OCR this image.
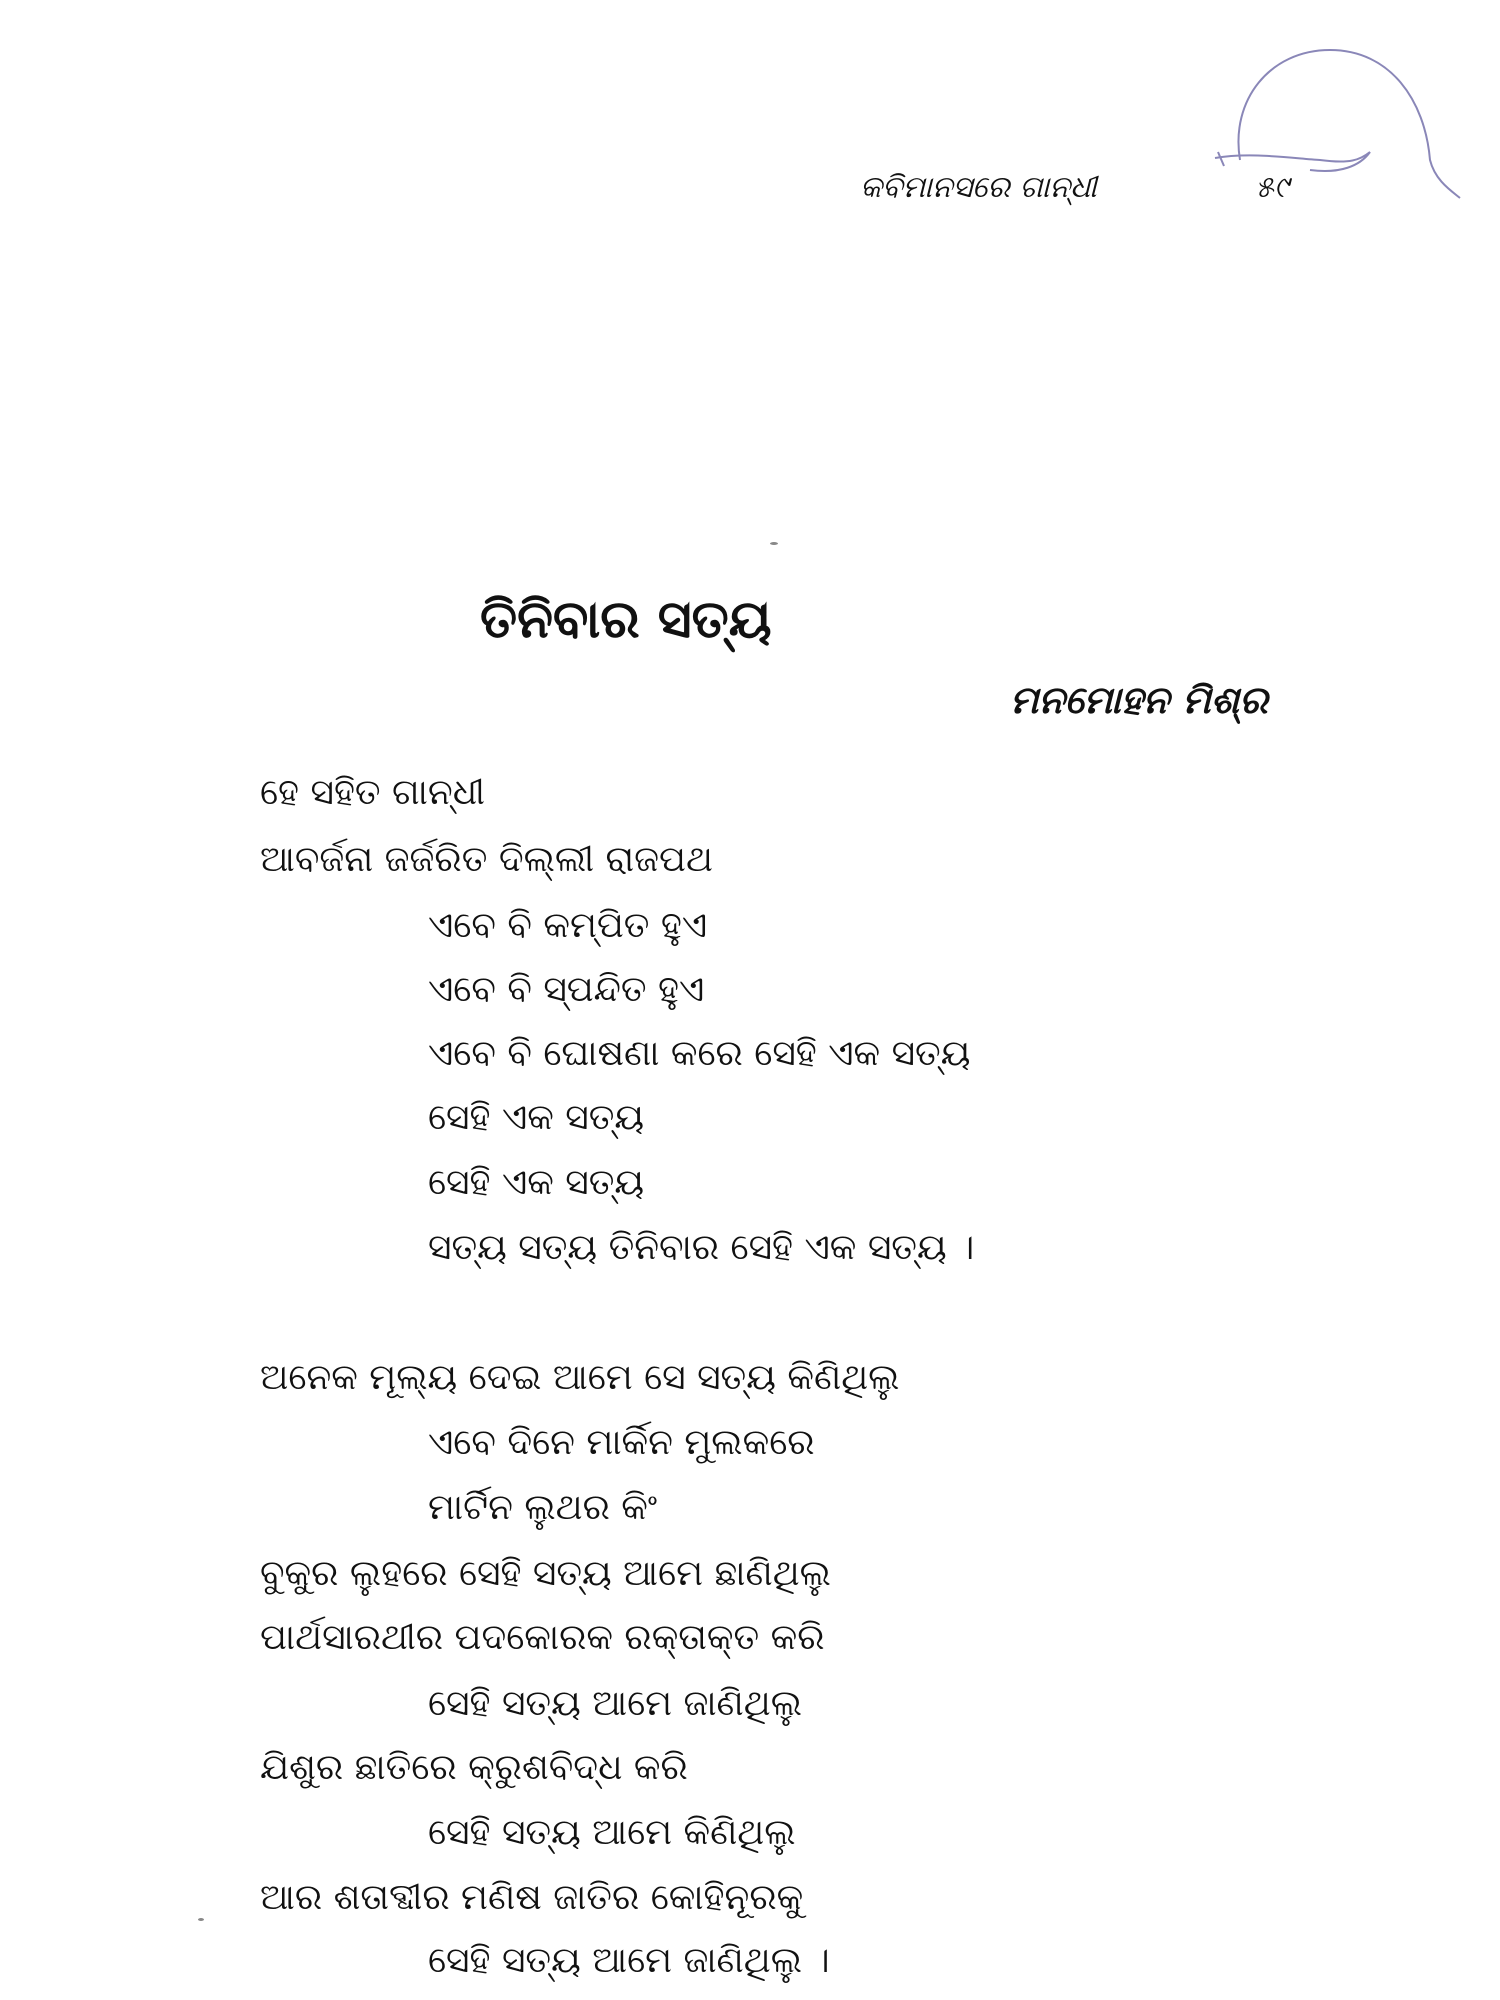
କବିମାନସରେ ଗାନ୍ଧୀ	୫୯
ତିନିବାର ସତ୍ୟ
ମନମୋହନ ମିଶ୍ର
ହେ ସହିତ ଗାନ୍ଧୀ
ଆବର୍ଜନା ଜର୍ଜରିତ ଦିଲ୍ଲୀ ରାଜପଥ
ଏବେ ବି କମ୍ପିତ ହୁଏ
ଏବେ ବି ସ୍ପନ୍ଦିତ ହୁଏ
ଏବେ ବି ଘୋଷଣା କରେ ସେହି ଏକ ସତ୍ୟ
ସେହି ଏକ ସତ୍ୟ
ସେହି ଏକ ସତ୍ୟ
ସତ୍ୟ ସତ୍ୟ ତିନିବାର ସେହି ଏକ ସତ୍ୟ ।
ଅନେକ ମୂଲ୍ୟ ଦେଇ ଆମେ ସେ ସତ୍ୟ କିଣିଥିଲୁ
ଏବେ ଦିନେ ମାର୍କିନ ମୁଲକରେ
ମାର୍ଟିନ ଲୁଥର କିଂ
ବୁକୁର ଲୁହରେ ସେହି ସତ୍ୟ ଆମେ ଛାଣିଥିଲୁ
ପାର୍ଥସାରଥୀର ପଦକୋରକ ରକ୍ତାକ୍ତ କରି
ସେହି ସତ୍ୟ ଆମେ ଜାଣିଥିଲୁ
ଯିଶୁର ଛାତିରେ କ୍ରୁଶବିଦ୍ଧ କରି
ସେହି ସତ୍ୟ ଆମେ କିଣିଥିଲୁ
ଆର ଶତାବ୍ଦୀର ମଣିଷ ଜାତିର କୋହିନୂରକୁ
ସେହି ସତ୍ୟ ଆମେ ଜାଣିଥିଲୁ ।
